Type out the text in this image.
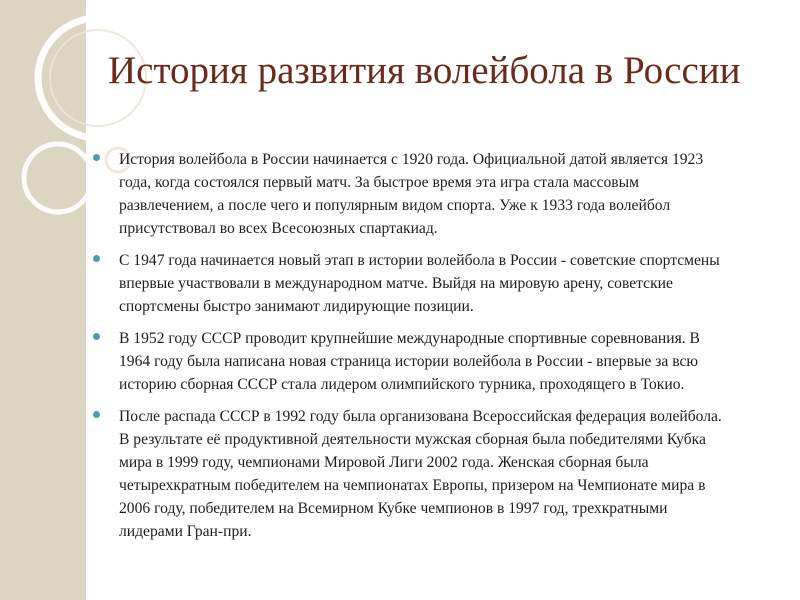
История развития волейбола в России
История волейбола в России начинается с 1920 года. Официальной датой является 1923 года, когда состоялся первый матч. За быстрое время эта игра стала массовым развлечением, а после чего и популярным видом спорта. Уже к 1933 года волейбол присутствовал во всех Всесоюзных спартакиад.
С 1947 года начинается новый этап в истории волейбола в России - советские спортсмены впервые участвовали в международном матче. Выйдя на мировую арену, советские спортсмены быстро занимают лидирующие позиции.
В 1952 году СССР проводит крупнейшие международные спортивные соревнования. В 1964 году была написана новая страница истории волейбола в России - впервые за всю историю сборная СССР стала лидером олимпийского турника, проходящего в Токио.
После распада СССР в 1992 году была организована Всероссийская федерация волейбола. В результате её продуктивной деятельности мужская сборная была победителями Кубка мира в 1999 году, чемпионами Мировой Лиги 2002 года. Женская сборная была четырехкратным победителем на чемпионатах Европы, призером на Чемпионате мира в 2006 году, победителем на Всемирном Кубке чемпионов в 1997 год, трехкратными лидерами Гран-при.
